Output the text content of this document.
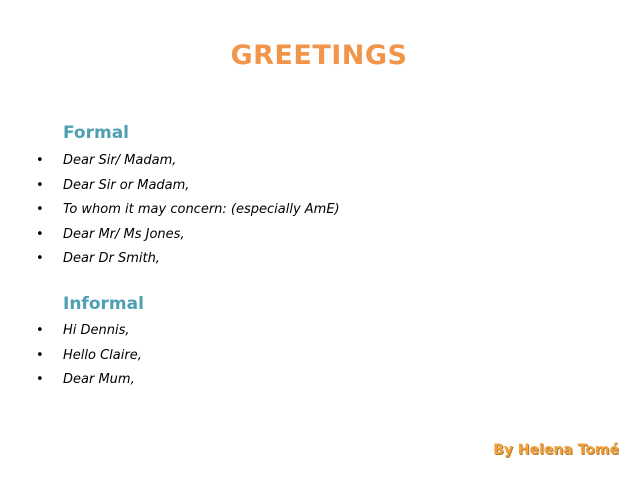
GREETINGS
Formal
• Dear Sir/ Madam,
• Dear Sir or Madam,
• To whom it may concern: (especially AmE)
• Dear Mr/ Ms Jones,
• Dear Dr Smith,
Informal
• Hi Dennis,
• Hello Claire,
• Dear Mum,
By Helena Tomé
